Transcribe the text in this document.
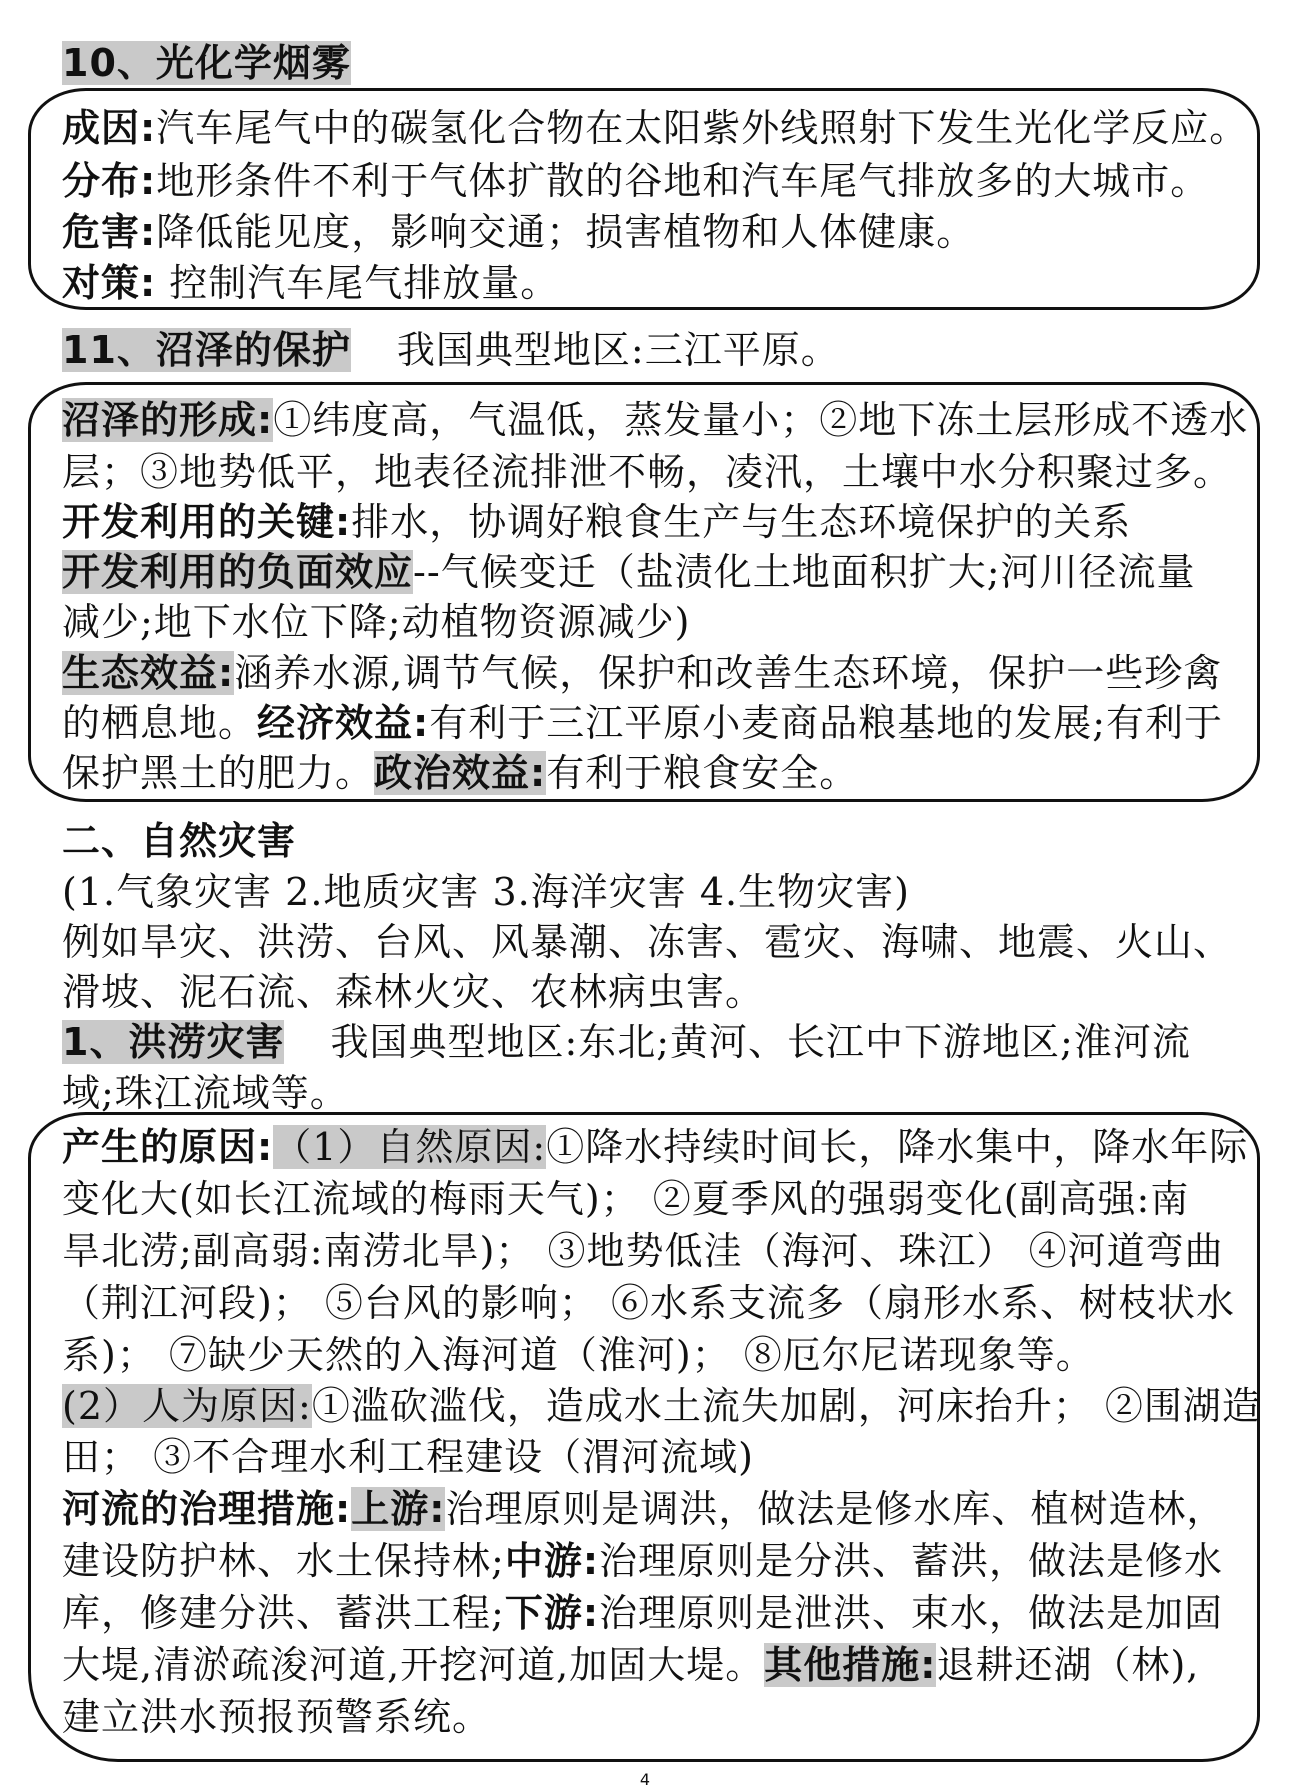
10、光化学烟雾
成因:汽车尾气中的碳氢化合物在太阳紫外线照射下发生光化学反应。
分布:地形条件不利于气体扩散的谷地和汽车尾气排放多的大城市。
危害:降低能见度，影响交通；损害植物和人体健康。
对策: 控制汽车尾气排放量。
11、沼泽的保护 我国典型地区:三江平原。
沼泽的形成:①纬度高，气温低，蒸发量小；②地下冻土层形成不透水
层；③地势低平，地表径流排泄不畅，凌汛，土壤中水分积聚过多。
开发利用的关键:排水，协调好粮食生产与生态环境保护的关系
开发利用的负面效应--气候变迁（盐渍化土地面积扩大;河川径流量
减少;地下水位下降;动植物资源减少)
生态效益:涵养水源,调节气候，保护和改善生态环境，保护一些珍禽
的栖息地。经济效益:有利于三江平原小麦商品粮基地的发展;有利于
保护黑土的肥力。政治效益:有利于粮食安全。
二、自然灾害
(1.气象灾害 2.地质灾害 3.海洋灾害 4.生物灾害)
例如旱灾、洪涝、台风、风暴潮、冻害、雹灾、海啸、地震、火山、
滑坡、泥石流、森林火灾、农林病虫害。
1、洪涝灾害 我国典型地区:东北;黄河、长江中下游地区;淮河流
域;珠江流域等。
产生的原因:（1）自然原因:①降水持续时间长，降水集中，降水年际
变化大(如长江流域的梅雨天气)； ②夏季风的强弱变化(副高强:南
旱北涝;副高弱:南涝北旱)； ③地势低洼（海河、珠江） ④河道弯曲
（荆江河段)； ⑤台风的影响； ⑥水系支流多（扇形水系、树枝状水
系)； ⑦缺少天然的入海河道（淮河)； ⑧厄尔尼诺现象等。
(2）人为原因:①滥砍滥伐，造成水土流失加剧，河床抬升； ②围湖造
田； ③不合理水利工程建设（渭河流域)
河流的治理措施:上游:治理原则是调洪，做法是修水库、植树造林，
建设防护林、水土保持林;中游:治理原则是分洪、蓄洪，做法是修水
库，修建分洪、蓄洪工程;下游:治理原则是泄洪、束水，做法是加固
大堤,清淤疏浚河道,开挖河道,加固大堤。其他措施:退耕还湖（林),
建立洪水预报预警系统。
4
